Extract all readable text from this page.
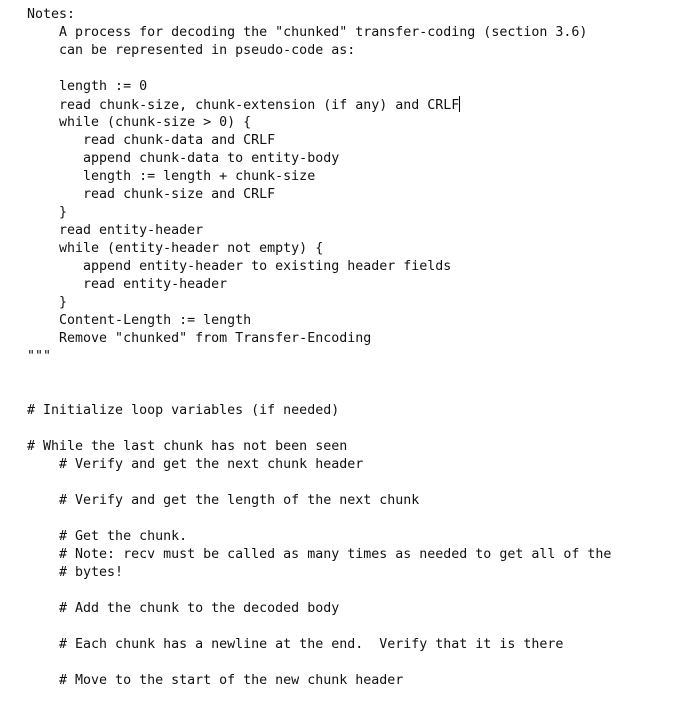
Notes:
A process for decoding the "chunked" transfer-coding (section 3.6)
can be represented in pseudo-code as:
length := 0
read chunk-size, chunk-extension (if any) and CRLF
while (chunk-size > 0) {
read chunk-data and CRLF
append chunk-data to entity-body
length := length + chunk-size
read chunk-size and CRLF
}
read entity-header
while (entity-header not empty) {
append entity-header to existing header fields
read entity-header
}
Content-Length := length
Remove "chunked" from Transfer-Encoding
"""
# Initialize loop variables (if needed)
# While the last chunk has not been seen
# Verify and get the next chunk header
# Verify and get the length of the next chunk
# Get the chunk.
# Note: recv must be called as many times as needed to get all of the
# bytes!
# Add the chunk to the decoded body
# Each chunk has a newline at the end.  Verify that it is there
# Move to the start of the new chunk header
